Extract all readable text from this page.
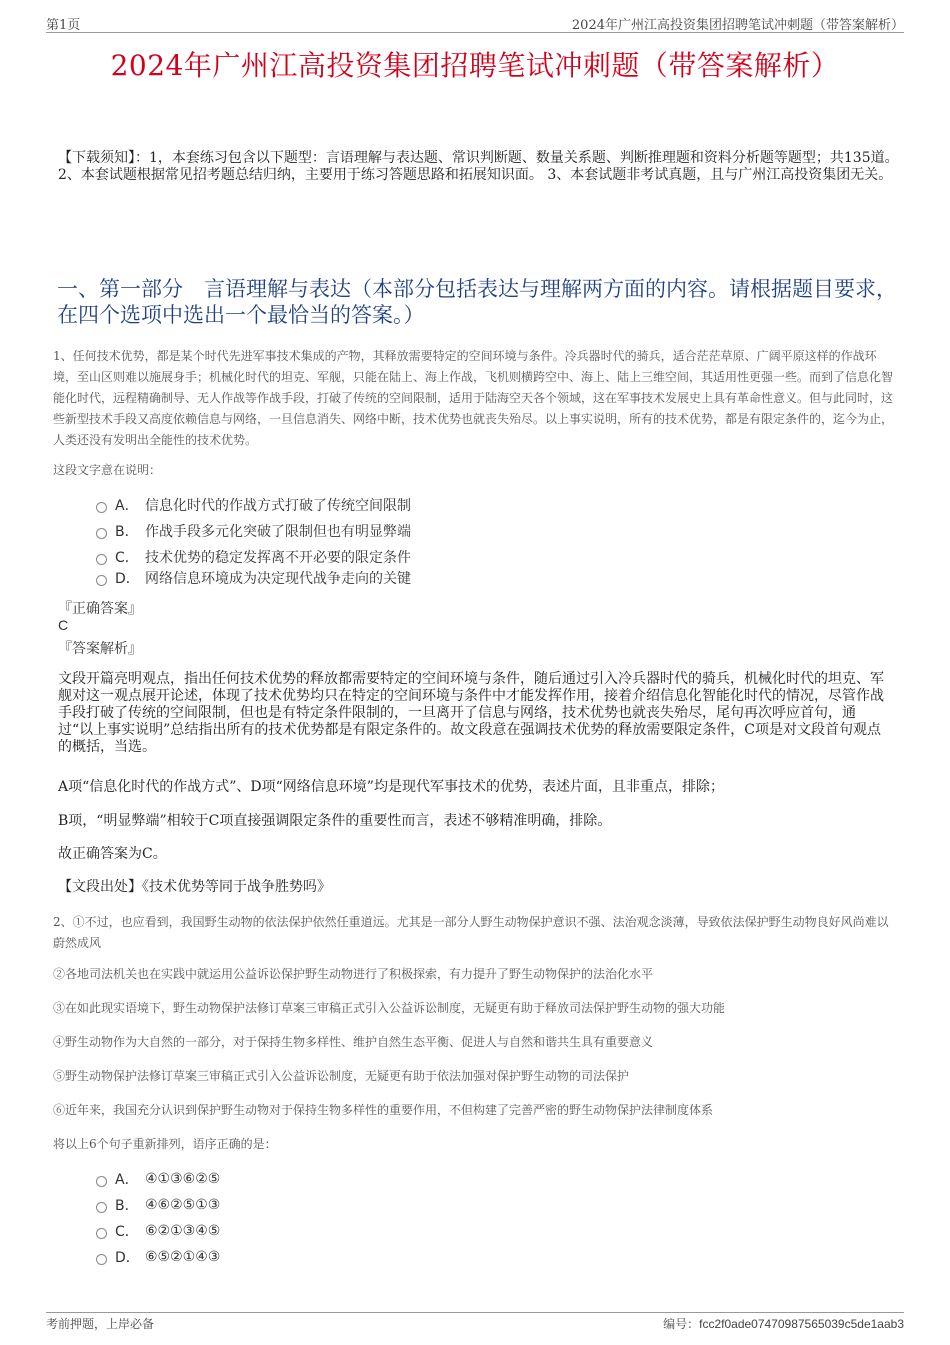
第1页	2024年广州江高投资集团招聘笔试冲刺题（带答案解析）
2024年广州江高投资集团招聘笔试冲刺题（带答案解析）
【下载须知】：1，本套练习包含以下题型：言语理解与表达题、常识判断题、数量关系题、判断推理题和资料分析题等题型；共135道。 2、本套试题根据常见招考题总结归纳，主要用于练习答题思路和拓展知识面。 3、本套试题非考试真题，且与广州江高投资集团无关。
一、第一部分　言语理解与表达（本部分包括表达与理解两方面的内容。请根据题目要求，在四个选项中选出一个最恰当的答案。）
1、任何技术优势，都是某个时代先进军事技术集成的产物，其释放需要特定的空间环境与条件。冷兵器时代的骑兵，适合茫茫草原、广阔平原这样的作战环境，至山区则难以施展身手；机械化时代的坦克、军舰，只能在陆上、海上作战，飞机则横跨空中、海上、陆上三维空间，其适用性更强一些。而到了信息化智能化时代，远程精确制导、无人作战等作战手段，打破了传统的空间限制，适用于陆海空天各个领域，这在军事技术发展史上具有革命性意义。但与此同时，这些新型技术手段又高度依赖信息与网络，一旦信息消失、网络中断，技术优势也就丧失殆尽。以上事实说明，所有的技术优势，都是有限定条件的，迄今为止，人类还没有发明出全能性的技术优势。
这段文字意在说明：
A． 信息化时代的作战方式打破了传统空间限制
B． 作战手段多元化突破了限制但也有明显弊端
C． 技术优势的稳定发挥离不开必要的限定条件
D． 网络信息环境成为决定现代战争走向的关键
『正确答案』
C
『答案解析』
文段开篇亮明观点，指出任何技术优势的释放都需要特定的空间环境与条件，随后通过引入冷兵器时代的骑兵，机械化时代的坦克、军舰对这一观点展开论述，体现了技术优势均只在特定的空间环境与条件中才能发挥作用，接着介绍信息化智能化时代的情况，尽管作战手段打破了传统的空间限制，但也是有特定条件限制的，一旦离开了信息与网络，技术优势也就丧失殆尽，尾句再次呼应首句，通过“以上事实说明”总结指出所有的技术优势都是有限定条件的。故文段意在强调技术优势的释放需要限定条件，C项是对文段首句观点的概括，当选。
A项“信息化时代的作战方式”、D项“网络信息环境”均是现代军事技术的优势，表述片面，且非重点，排除；
B项，“明显弊端”相较于C项直接强调限定条件的重要性而言，表述不够精准明确，排除。
故正确答案为C。
【文段出处】《技术优势等同于战争胜势吗》
2、①不过，也应看到，我国野生动物的依法保护依然任重道远。尤其是一部分人野生动物保护意识不强、法治观念淡薄，导致依法保护野生动物良好风尚难以蔚然成风
②各地司法机关也在实践中就运用公益诉讼保护野生动物进行了积极探索，有力提升了野生动物保护的法治化水平
③在如此现实语境下，野生动物保护法修订草案三审稿正式引入公益诉讼制度，无疑更有助于释放司法保护野生动物的强大功能
④野生动物作为大自然的一部分，对于保持生物多样性、维护自然生态平衡、促进人与自然和谐共生具有重要意义
⑤野生动物保护法修订草案三审稿正式引入公益诉讼制度，无疑更有助于依法加强对保护野生动物的司法保护
⑥近年来，我国充分认识到保护野生动物对于保持生物多样性的重要作用，不但构建了完善严密的野生动物保护法律制度体系
将以上6个句子重新排列，语序正确的是：
A． ④①③⑥②⑤
B． ④⑥②⑤①③
C． ⑥②①③④⑤
D． ⑥⑤②①④③
考前押题，上岸必备	编号：fcc2f0ade07470987565039c5de1aab3
